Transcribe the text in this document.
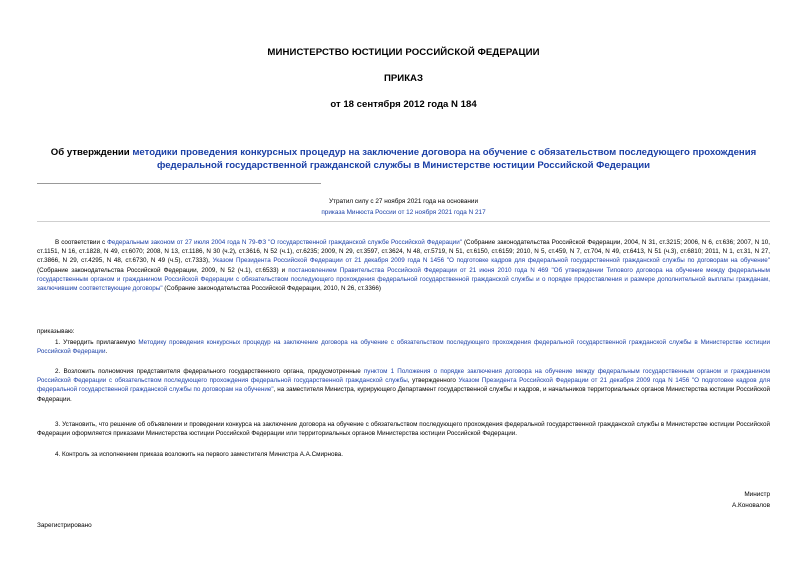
МИНИСТЕРСТВО ЮСТИЦИИ РОССИЙСКОЙ ФЕДЕРАЦИИ
ПРИКАЗ
от 18 сентября 2012 года N 184
Об утверждении методики проведения конкурсных процедур на заключение договора на обучение с обязательством последующего прохождения федеральной государственной гражданской службы в Министерстве юстиции Российской Федерации
Утратил силу с 27 ноября 2021 года на основании
приказа Минюста России от 12 ноября 2021 года N 217
В соответствии с Федеральным законом от 27 июля 2004 года N 79-ФЗ "О государственной гражданской службе Российской Федерации" (Собрание законодательства Российской Федерации, 2004, N 31, ст.3215; 2006, N 6, ст.636; 2007, N 10, ст.1151, N 16, ст.1828, N 49, ст.6070; 2008, N 13, ст.1186, N 30 (ч.2), ст.3616, N 52 (ч.1), ст.6235; 2009, N 29, ст.3597, ст.3624, N 48, ст.5719, N 51, ст.6150, ст.6159; 2010, N 5, ст.459, N 7, ст.704, N 49, ст.6413, N 51 (ч.3), ст.6810; 2011, N 1, ст.31, N 27, ст.3866, N 29, ст.4295, N 48, ст.6730, N 49 (ч.5), ст.7333), Указом Президента Российской Федерации от 21 декабря 2009 года N 1456 "О подготовке кадров для федеральной государственной гражданской службы по договорам на обучение" (Собрание законодательства Российской Федерации, 2009, N 52 (ч.1), ст.6533) и постановлением Правительства Российской Федерации от 21 июня 2010 года N 469 "Об утверждении Типового договора на обучение между федеральным государственным органом и гражданином Российской Федерации с обязательством последующего прохождения федеральной государственной гражданской службы и о порядке предоставления и размере дополнительной выплаты гражданам, заключившим соответствующие договоры" (Собрание законодательства Российской Федерации, 2010, N 26, ст.3366)
приказываю:
1. Утвердить прилагаемую Методику проведения конкурсных процедур на заключение договора на обучение с обязательством последующего прохождения федеральной государственной гражданской службы в Министерстве юстиции Российской Федерации.
2. Возложить полномочия представителя федерального государственного органа, предусмотренные пунктом 1 Положения о порядке заключения договора на обучение между федеральным государственным органом и гражданином Российской Федерации с обязательством последующего прохождения федеральной государственной гражданской службы, утвержденного Указом Президента Российской Федерации от 21 декабря 2009 года N 1456 "О подготовке кадров для федеральной государственной гражданской службы по договорам на обучение", на заместителя Министра, курирующего Департамент государственной службы и кадров, и начальников территориальных органов Министерства юстиции Российской Федерации.
3. Установить, что решение об объявлении и проведении конкурса на заключение договора на обучение с обязательством последующего прохождения федеральной государственной гражданской службы в Министерстве юстиции Российской Федерации оформляется приказами Министерства юстиции Российской Федерации или территориальных органов Министерства юстиции Российской Федерации.
4. Контроль за исполнением приказа возложить на первого заместителя Министра А.А.Смирнова.
Министр
А.Коновалов
Зарегистрировано
